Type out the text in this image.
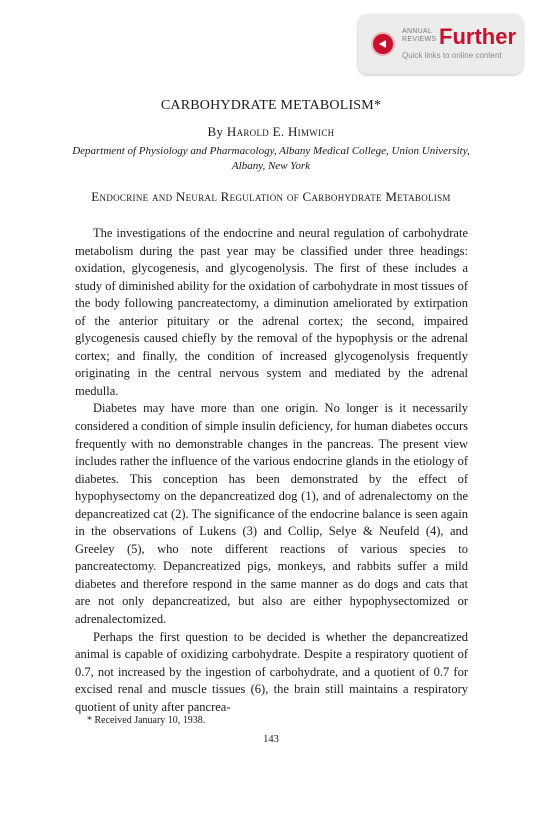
ANNUAL
REVIEWS Further
Quick links to online content
CARBOHYDRATE METABOLISM*
By Harold E. Himwich
Department of Physiology and Pharmacology, Albany Medical College, Union University, Albany, New York
Endocrine and Neural Regulation of Carbohydrate Metabolism

The investigations of the endocrine and neural regulation of carbohydrate metabolism during the past year may be classified under three headings: oxidation, glycogenesis, and glycogenolysis. The first of these includes a study of diminished ability for the oxidation of carbohydrate in most tissues of the body following pancreatectomy, a diminution ameliorated by extirpation of the anterior pituitary or the adrenal cortex; the second, impaired glycogenesis caused chiefly by the removal of the hypophysis or the adrenal cortex; and finally, the condition of increased glycogenolysis frequently originating in the central nervous system and mediated by the adrenal medulla.

Diabetes may have more than one origin. No longer is it necessarily considered a condition of simple insulin deficiency, for human diabetes occurs frequently with no demonstrable changes in the pancreas. The present view includes rather the influence of the various endocrine glands in the etiology of diabetes. This conception has been demonstrated by the effect of hypophysectomy on the depancreatized dog (1), and of adrenalectomy on the depancreatized cat (2). The significance of the endocrine balance is seen again in the observations of Lukens (3) and Collip, Selye & Neufeld (4), and Greeley (5), who note different reactions of various species to pancreatectomy. Depancreatized pigs, monkeys, and rabbits suffer a mild diabetes and therefore respond in the same manner as do dogs and cats that are not only depancreatized, but also are either hypophysectomized or adrenalectomized.

Perhaps the first question to be decided is whether the depancreatized animal is capable of oxidizing carbohydrate. Despite a respiratory quotient of 0.7, not increased by the ingestion of carbohydrate, and a quotient of 0.7 for excised renal and muscle tissues (6), the brain still maintains a respiratory quotient of unity after pancrea-

* Received January 10, 1938.
143
